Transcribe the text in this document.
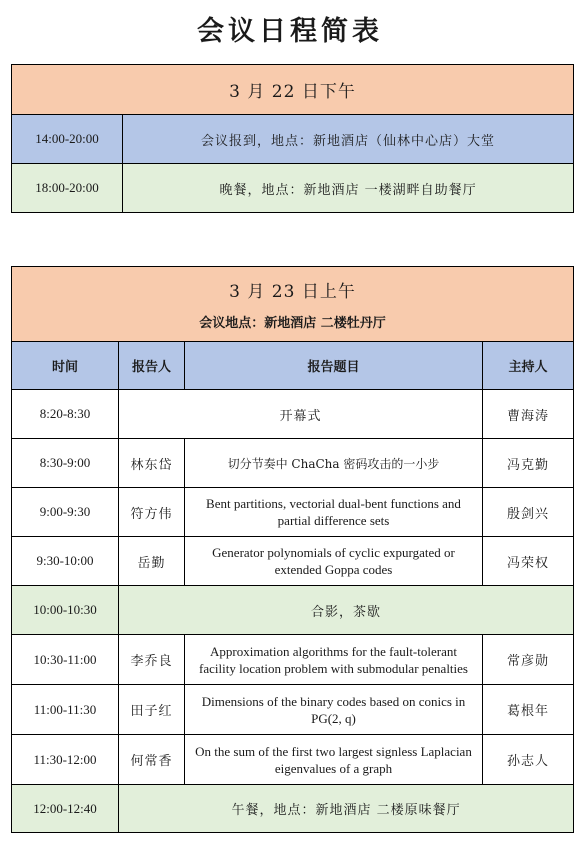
会议日程简表
3 月 22 日下午	
14:00-20:00	会议报到，地点：新地酒店（仙林中心店）大堂
18:00-20:00	晚餐，地点：新地酒店 一楼湖畔自助餐厅
3 月 23 日上午
会议地点：新地酒店 二楼牡丹厅			

时间	报告人	报告题目	主持人
8:20-8:30	开幕式		曹海涛
8:30-9:00	林东岱	切分节奏中 ChaCha 密码攻击的一小步	冯克勤
9:00-9:30	符方伟	Bent partitions, vectorial dual-bent functions and partial difference sets	殷剑兴
9:30-10:00	岳勤	Generator polynomials of cyclic expurgated or extended Goppa codes	冯荣权
10:00-10:30	合影，茶歇		
10:30-11:00	李乔良	Approximation algorithms for the fault-tolerant facility location problem with submodular penalties	常彦勋
11:00-11:30	田子红	Dimensions of the binary codes based on conics in PG(2, q)	葛根年
11:30-12:00	何常香	On the sum of the first two largest signless Laplacian eigenvalues of a graph	孙志人
12:00-12:40	午餐，地点：新地酒店 二楼原味餐厅		
